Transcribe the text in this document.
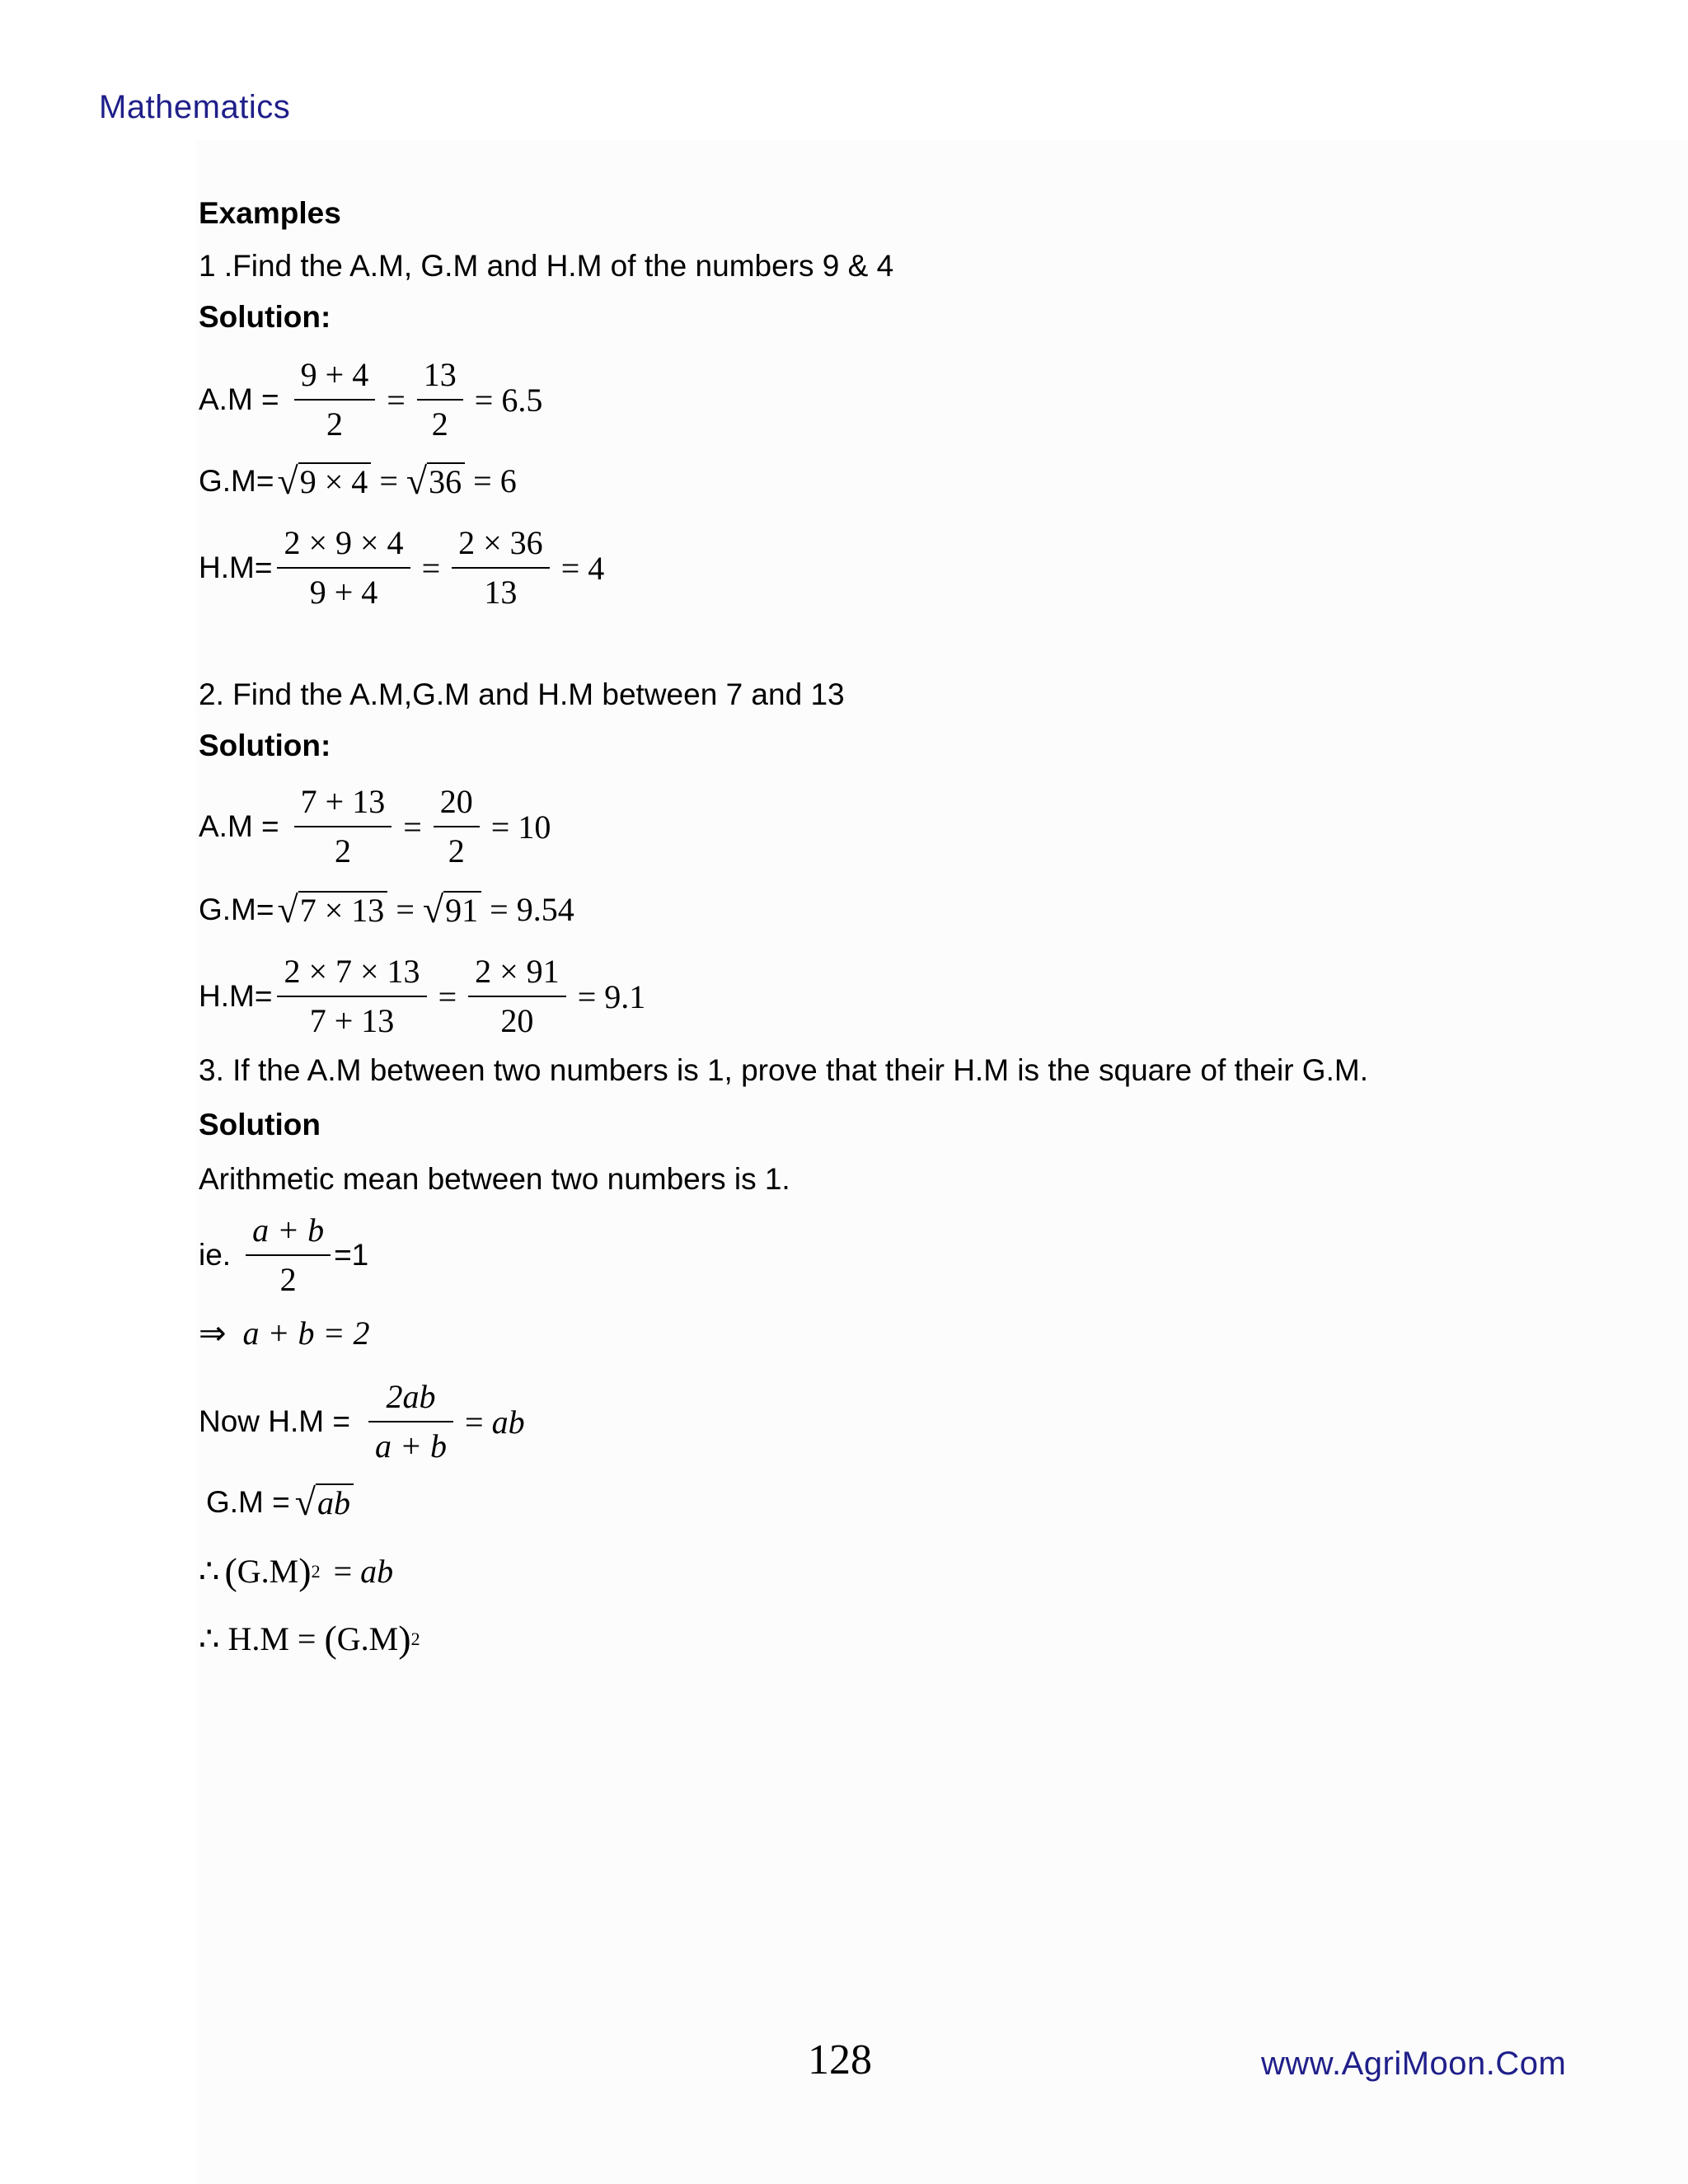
Mathematics
Examples
1 .Find the A.M, G.M and H.M of the numbers 9 & 4
Solution:
$A.M = \frac{9 + 4}{2} = \frac{13}{2} = 6.5$
G.M= √ 9 × 4 = √ 36 = 6
$H.M= \frac{2 \times 9 \times 4}{9 + 4} = \frac{2 \times 36}{13} = 4$
2. Find the A.M,G.M and H.M between 7 and 13
Solution:
$A.M = \frac{7 + 13}{2} = \frac{20}{2} = 10$
G.M= √ 7 × 13 = √ 91 = 9.54
$H.M= \frac{2 \times 7 \times 13}{7 + 13} = \frac{2 \times 91}{20} = 9.1$
3. If the A.M between two numbers is 1, prove that their H.M is the square of their G.M.
Solution
Arithmetic mean between two numbers is 1.
ie. $\frac{a + b}{2} =1$
⇒ a + b = 2
Now $H.M = \frac{2ab}{a + b}$ = ab
G.M = √ ab
∴ ( G.M ) 2 = ab
∴ H.M = ( G.M ) 2
128	www.AgriMoon.Com
